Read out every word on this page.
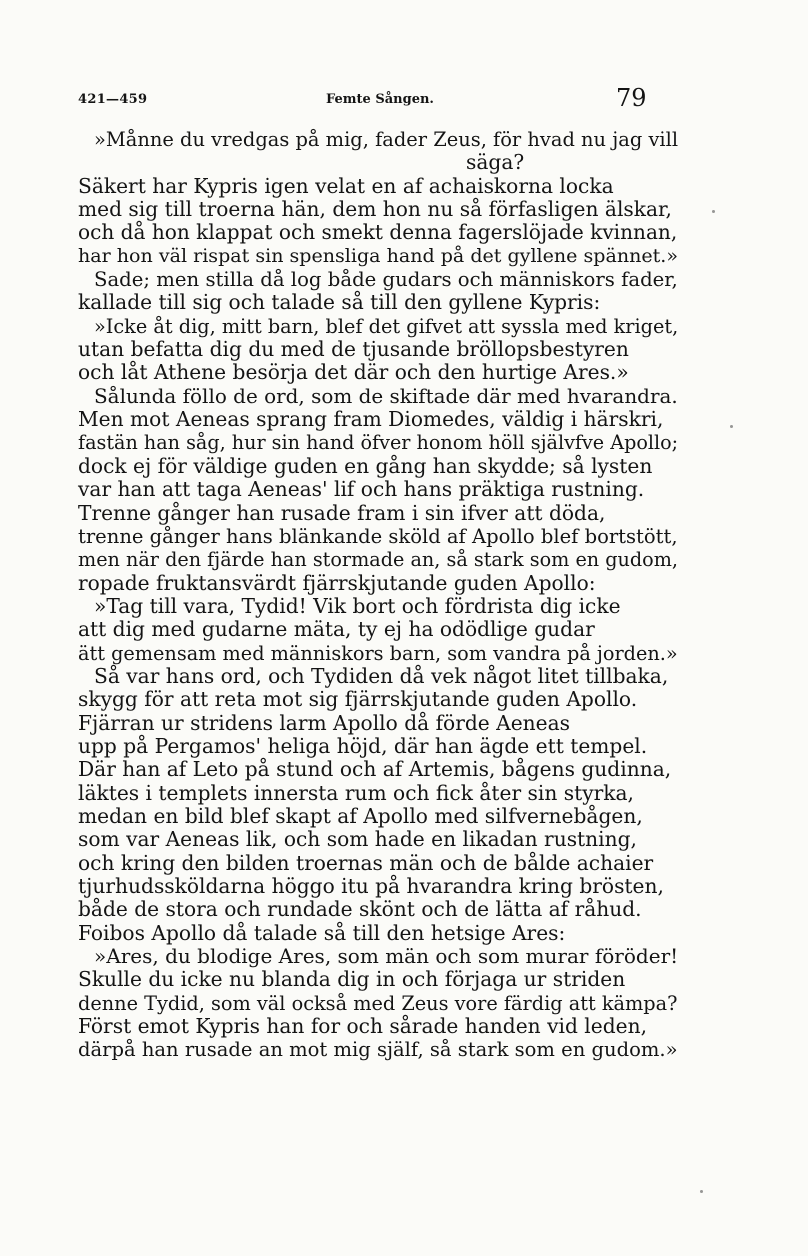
421—459	Femte Sången.	79
»Månne du vredgas på mig, fader Zeus, för hvad nu jag vill
säga?
Säkert har Kypris igen velat en af achaiskorna locka
med sig till troerna hän, dem hon nu så förfasligen älskar,
och då hon klappat och smekt denna fagerslöjade kvinnan,
har hon väl rispat sin spensliga hand på det gyllene spännet.»
Sade; men stilla då log både gudars och människors fader,
kallade till sig och talade så till den gyllene Kypris:
»Icke åt dig, mitt barn, blef det gifvet att syssla med kriget,
utan befatta dig du med de tjusande bröllopsbestyren
och låt Athene besörja det där och den hurtige Ares.»
Sålunda föllo de ord, som de skiftade där med hvarandra.
Men mot Aeneas sprang fram Diomedes, väldig i härskri,
fastän han såg, hur sin hand öfver honom höll självfve Apollo;
dock ej för väldige guden en gång han skydde; så lysten
var han att taga Aeneas' lif och hans präktiga rustning.
Trenne gånger han rusade fram i sin ifver att döda,
trenne gånger hans blänkande sköld af Apollo blef bortstött,
men när den fjärde han stormade an, så stark som en gudom,
ropade fruktansvärdt fjärrskjutande guden Apollo:
»Tag till vara, Tydid! Vik bort och fördrista dig icke
att dig med gudarne mäta, ty ej ha odödlige gudar
ätt gemensam med människors barn, som vandra på jorden.»
Så var hans ord, och Tydiden då vek något litet tillbaka,
skygg för att reta mot sig fjärrskjutande guden Apollo.
Fjärran ur stridens larm Apollo då förde Aeneas
upp på Pergamos' heliga höjd, där han ägde ett tempel.
Där han af Leto på stund och af Artemis, bågens gudinna,
läktes i templets innersta rum och fick åter sin styrka,
medan en bild blef skapt af Apollo med silfvernebågen,
som var Aeneas lik, och som hade en likadan rustning,
och kring den bilden troernas män och de bålde achaier
tjurhudssköldarna höggo itu på hvarandra kring brösten,
både de stora och rundade skönt och de lätta af råhud.
Foibos Apollo då talade så till den hetsige Ares:
»Ares, du blodige Ares, som män och som murar föröder!
Skulle du icke nu blanda dig in och förjaga ur striden
denne Tydid, som väl också med Zeus vore färdig att kämpa?
Först emot Kypris han for och sårade handen vid leden,
därpå han rusade an mot mig själf, så stark som en gudom.»
